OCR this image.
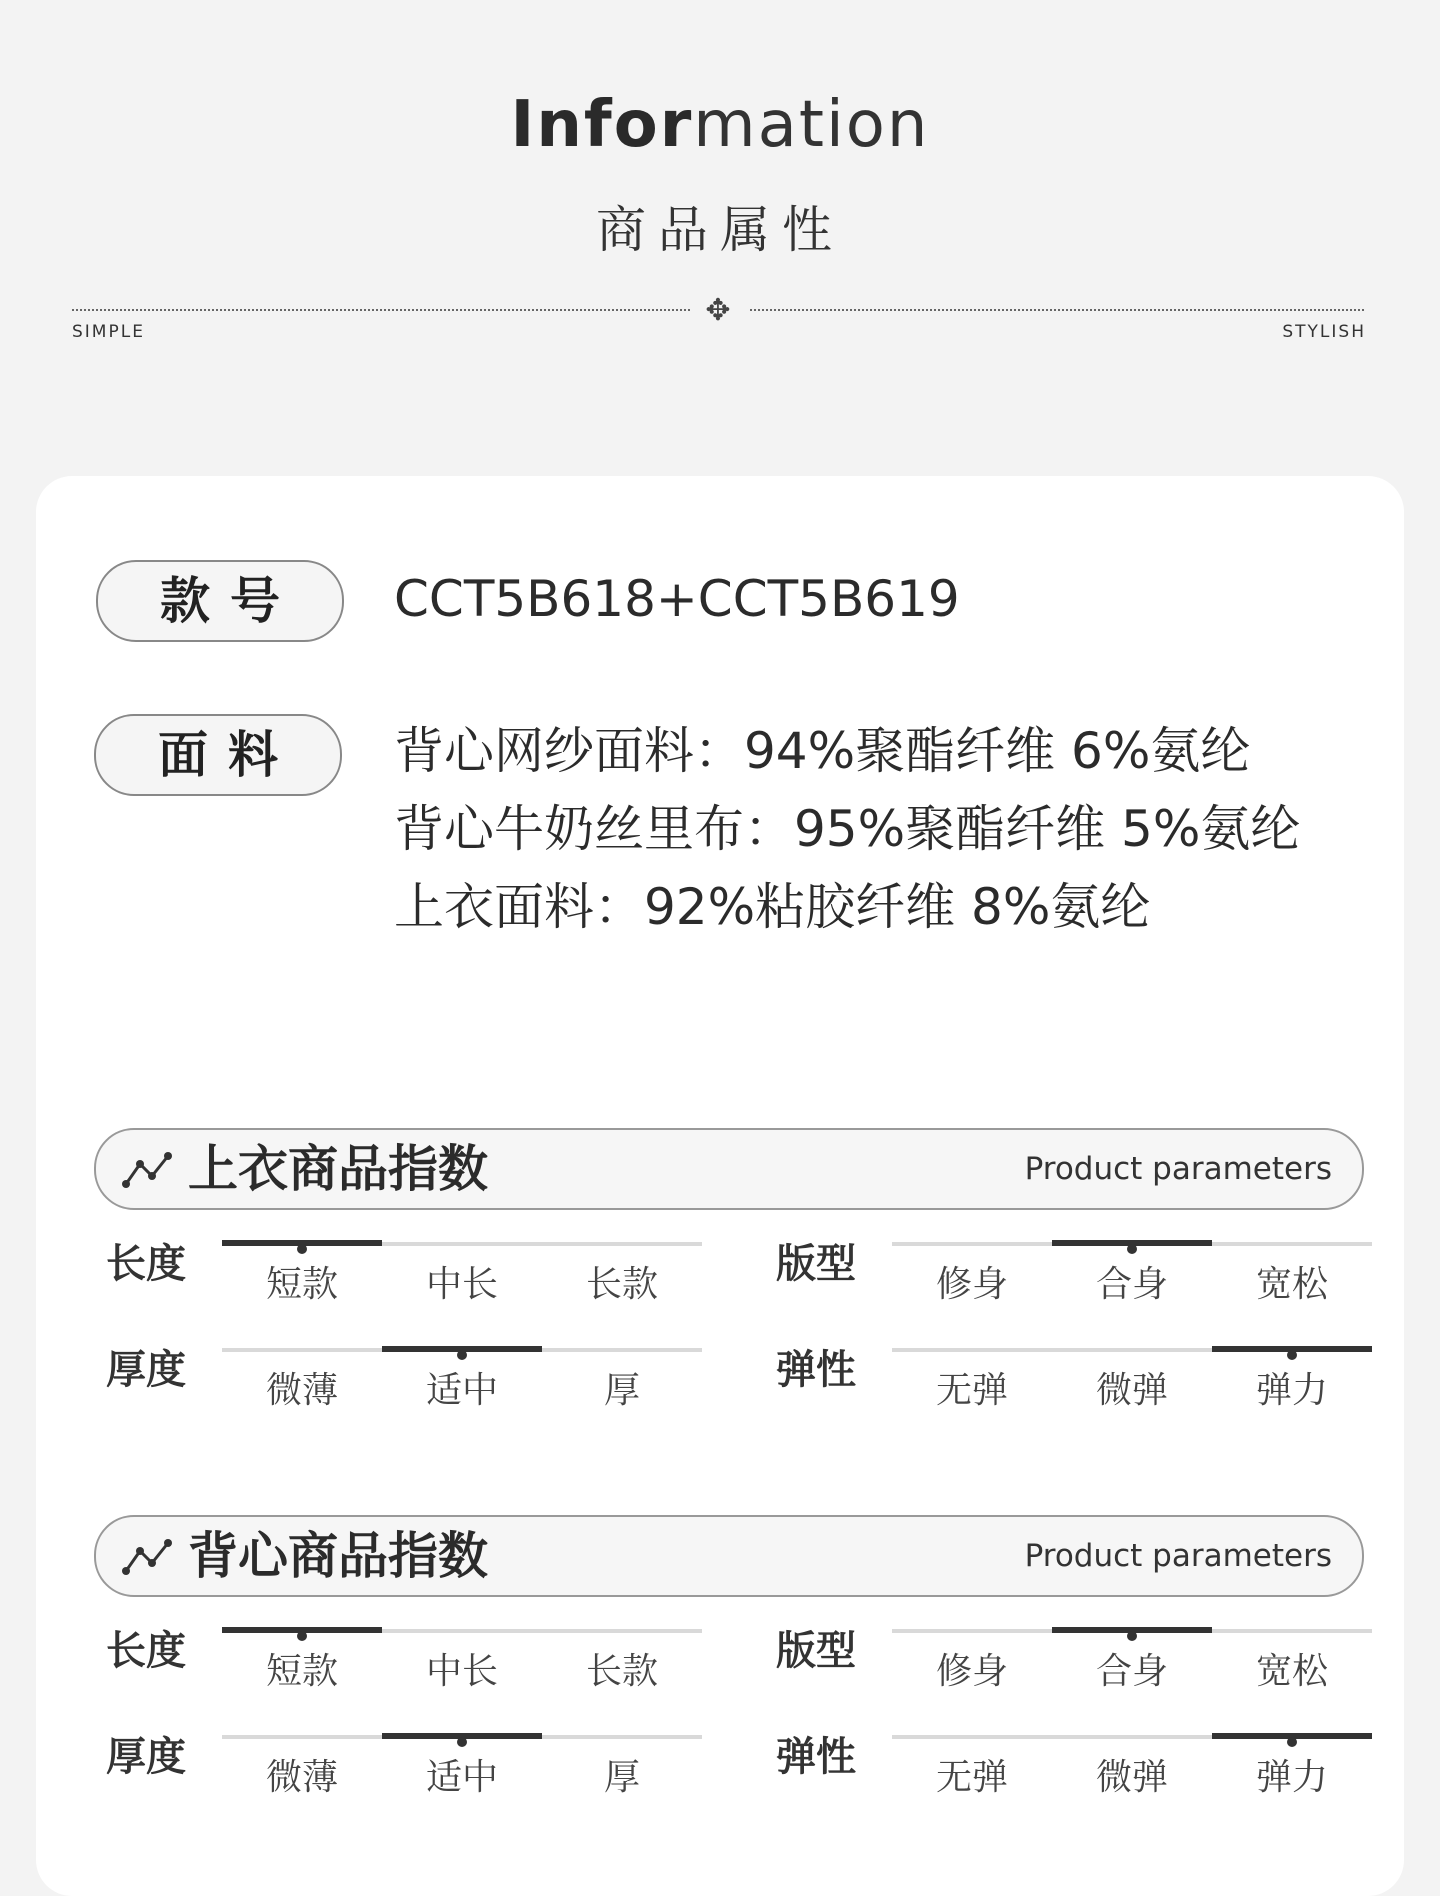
Information
商品属性
✥
SIMPLE	STYLISH
款号	CCT5B618+CCT5B619
面料	背心网纱面料：94%聚酯纤维 6%氨纶
背心牛奶丝里布：95%聚酯纤维 5%氨纶
上衣面料：92%粘胶纤维 8%氨纶
上衣商品指数	Product parameters
长度	短款	中长	长款	版型	修身	合身	宽松
厚度	微薄	适中	厚	弹性	无弹	微弹	弹力
背心商品指数	Product parameters
长度	短款	中长	长款	版型	修身	合身	宽松
厚度	微薄	适中	厚	弹性	无弹	微弹	弹力
